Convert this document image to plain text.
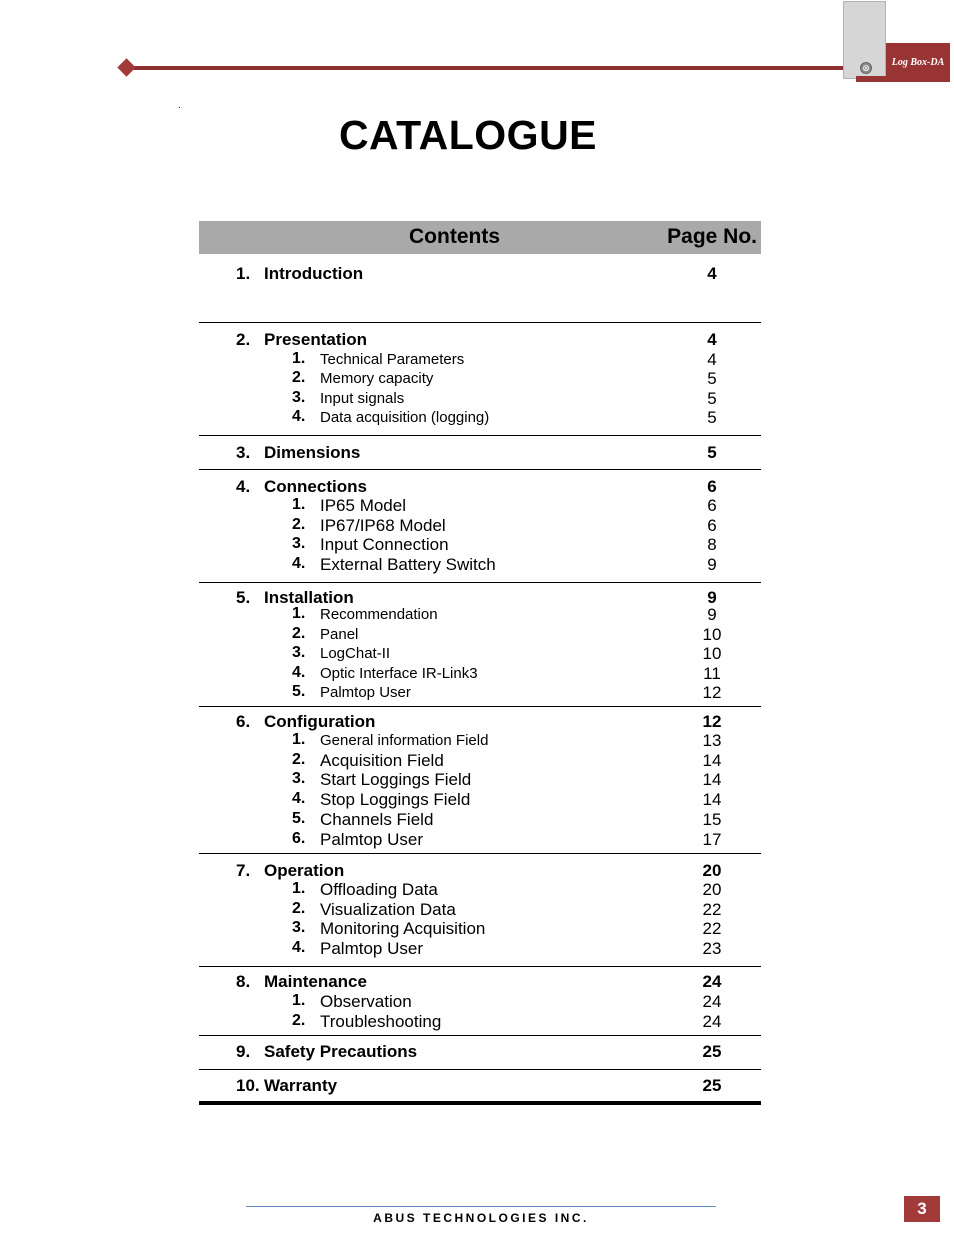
⊗	Log Box-DA
.
CATALOGUE
Contents	Page No.
1. Introduction	4
2. Presentation	4
1. Technical Parameters	4
2. Memory capacity	5
3. Input signals	5
4. Data acquisition (logging)	5
3. Dimensions	5
4. Connections	6
1. IP65 Model	6
2. IP67/IP68 Model	6
3. Input Connection	8
4. External Battery Switch	9
5. Installation	9
1. Recommendation	9
2. Panel	10
3. LogChat-II	10
4. Optic Interface IR-Link3	11
5. Palmtop User	12
6. Configuration	12
1. General information Field	13
2. Acquisition Field	14
3. Start Loggings Field	14
4. Stop Loggings Field	14
5. Channels Field	15
6. Palmtop User	17
7. Operation	20
1. Offloading Data	20
2. Visualization Data	22
3. Monitoring Acquisition	22
4. Palmtop User	23
8. Maintenance	24
1. Observation	24
2. Troubleshooting	24
9. Safety Precautions	25
10. Warranty	25
ABUS TECHNOLOGIES INC.	3
